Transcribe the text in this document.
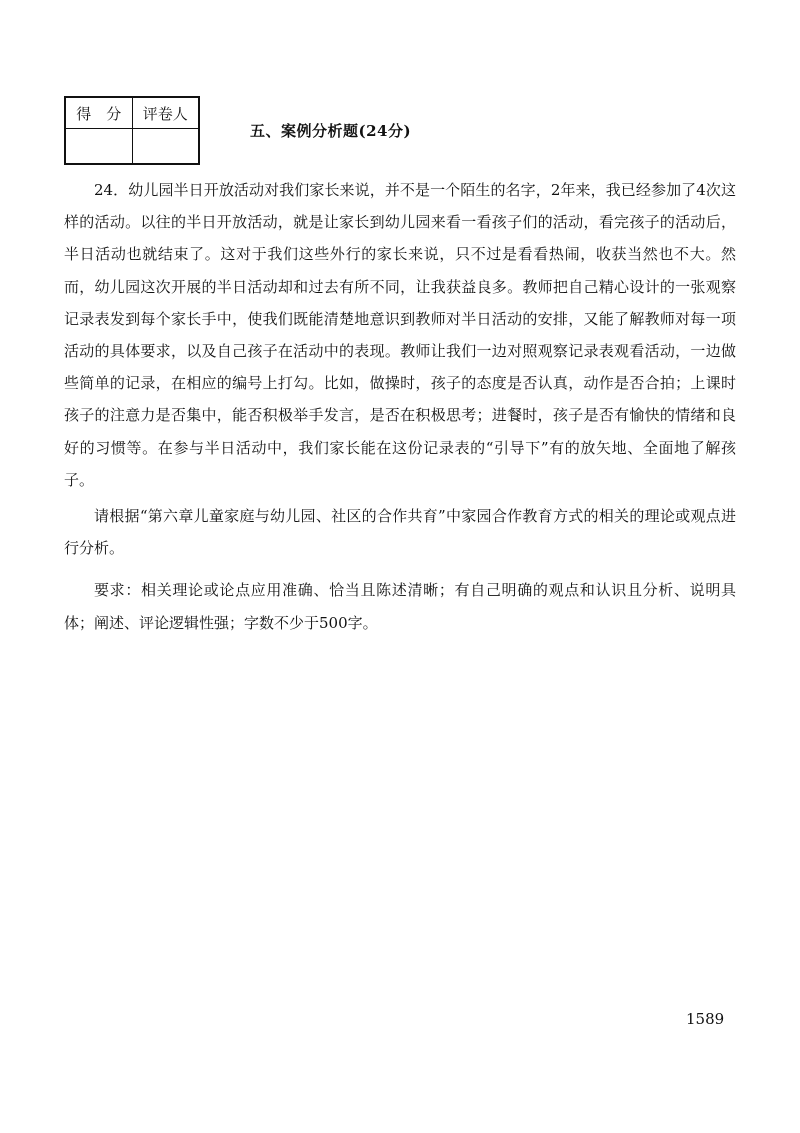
得　分	评卷人

五、案例分析题(24分)

24．幼儿园半日开放活动对我们家长来说，并不是一个陌生的名字，2年来，我已经参加了4次这样的活动。以往的半日开放活动，就是让家长到幼儿园来看一看孩子们的活动，看完孩子的活动后，半日活动也就结束了。这对于我们这些外行的家长来说，只不过是看看热闹，收获当然也不大。然而，幼儿园这次开展的半日活动却和过去有所不同，让我获益良多。教师把自己精心设计的一张观察记录表发到每个家长手中，使我们既能清楚地意识到教师对半日活动的安排，又能了解教师对每一项活动的具体要求，以及自己孩子在活动中的表现。教师让我们一边对照观察记录表观看活动，一边做些简单的记录，在相应的编号上打勾。比如，做操时，孩子的态度是否认真，动作是否合拍；上课时孩子的注意力是否集中，能否积极举手发言，是否在积极思考；进餐时，孩子是否有愉快的情绪和良好的习惯等。在参与半日活动中，我们家长能在这份记录表的“引导下”有的放矢地、全面地了解孩子。

请根据“第六章儿童家庭与幼儿园、社区的合作共育”中家园合作教育方式的相关的理论或观点进行分析。

要求：相关理论或论点应用准确、恰当且陈述清晰；有自己明确的观点和认识且分析、说明具体；阐述、评论逻辑性强；字数不少于500字。

1589
